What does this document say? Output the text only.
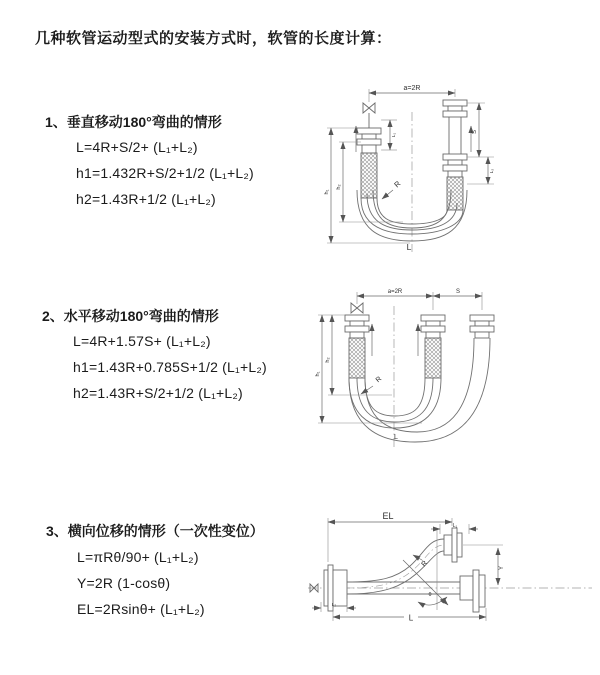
几种软管运动型式的安装方式时，软管的长度计算：
1、垂直移动180°弯曲的情形
L=4R+S/2+ (L₁+L₂)
h1=1.432R+S/2+1/2 (L₁+L₂)
h2=1.43R+1/2 (L₁+L₂)
a=2R
h₁
h₂
L₁
S
L₂
R
L
2、水平移动180°弯曲的情形
L=4R+1.57S+ (L₁+L₂)
h1=1.43R+0.785S+1/2 (L₁+L₂)
h2=1.43R+S/2+1/2 (L₁+L₂)
a=2R	S
h₁
h₂
R
L
3、横向位移的情形（一次性变位）
L=πRθ/90+ (L₁+L₂)
Y=2R (1-cosθ)
EL=2Rsinθ+ (L₁+L₂)
EL
L₁
Y
θ
R
L₂
L
